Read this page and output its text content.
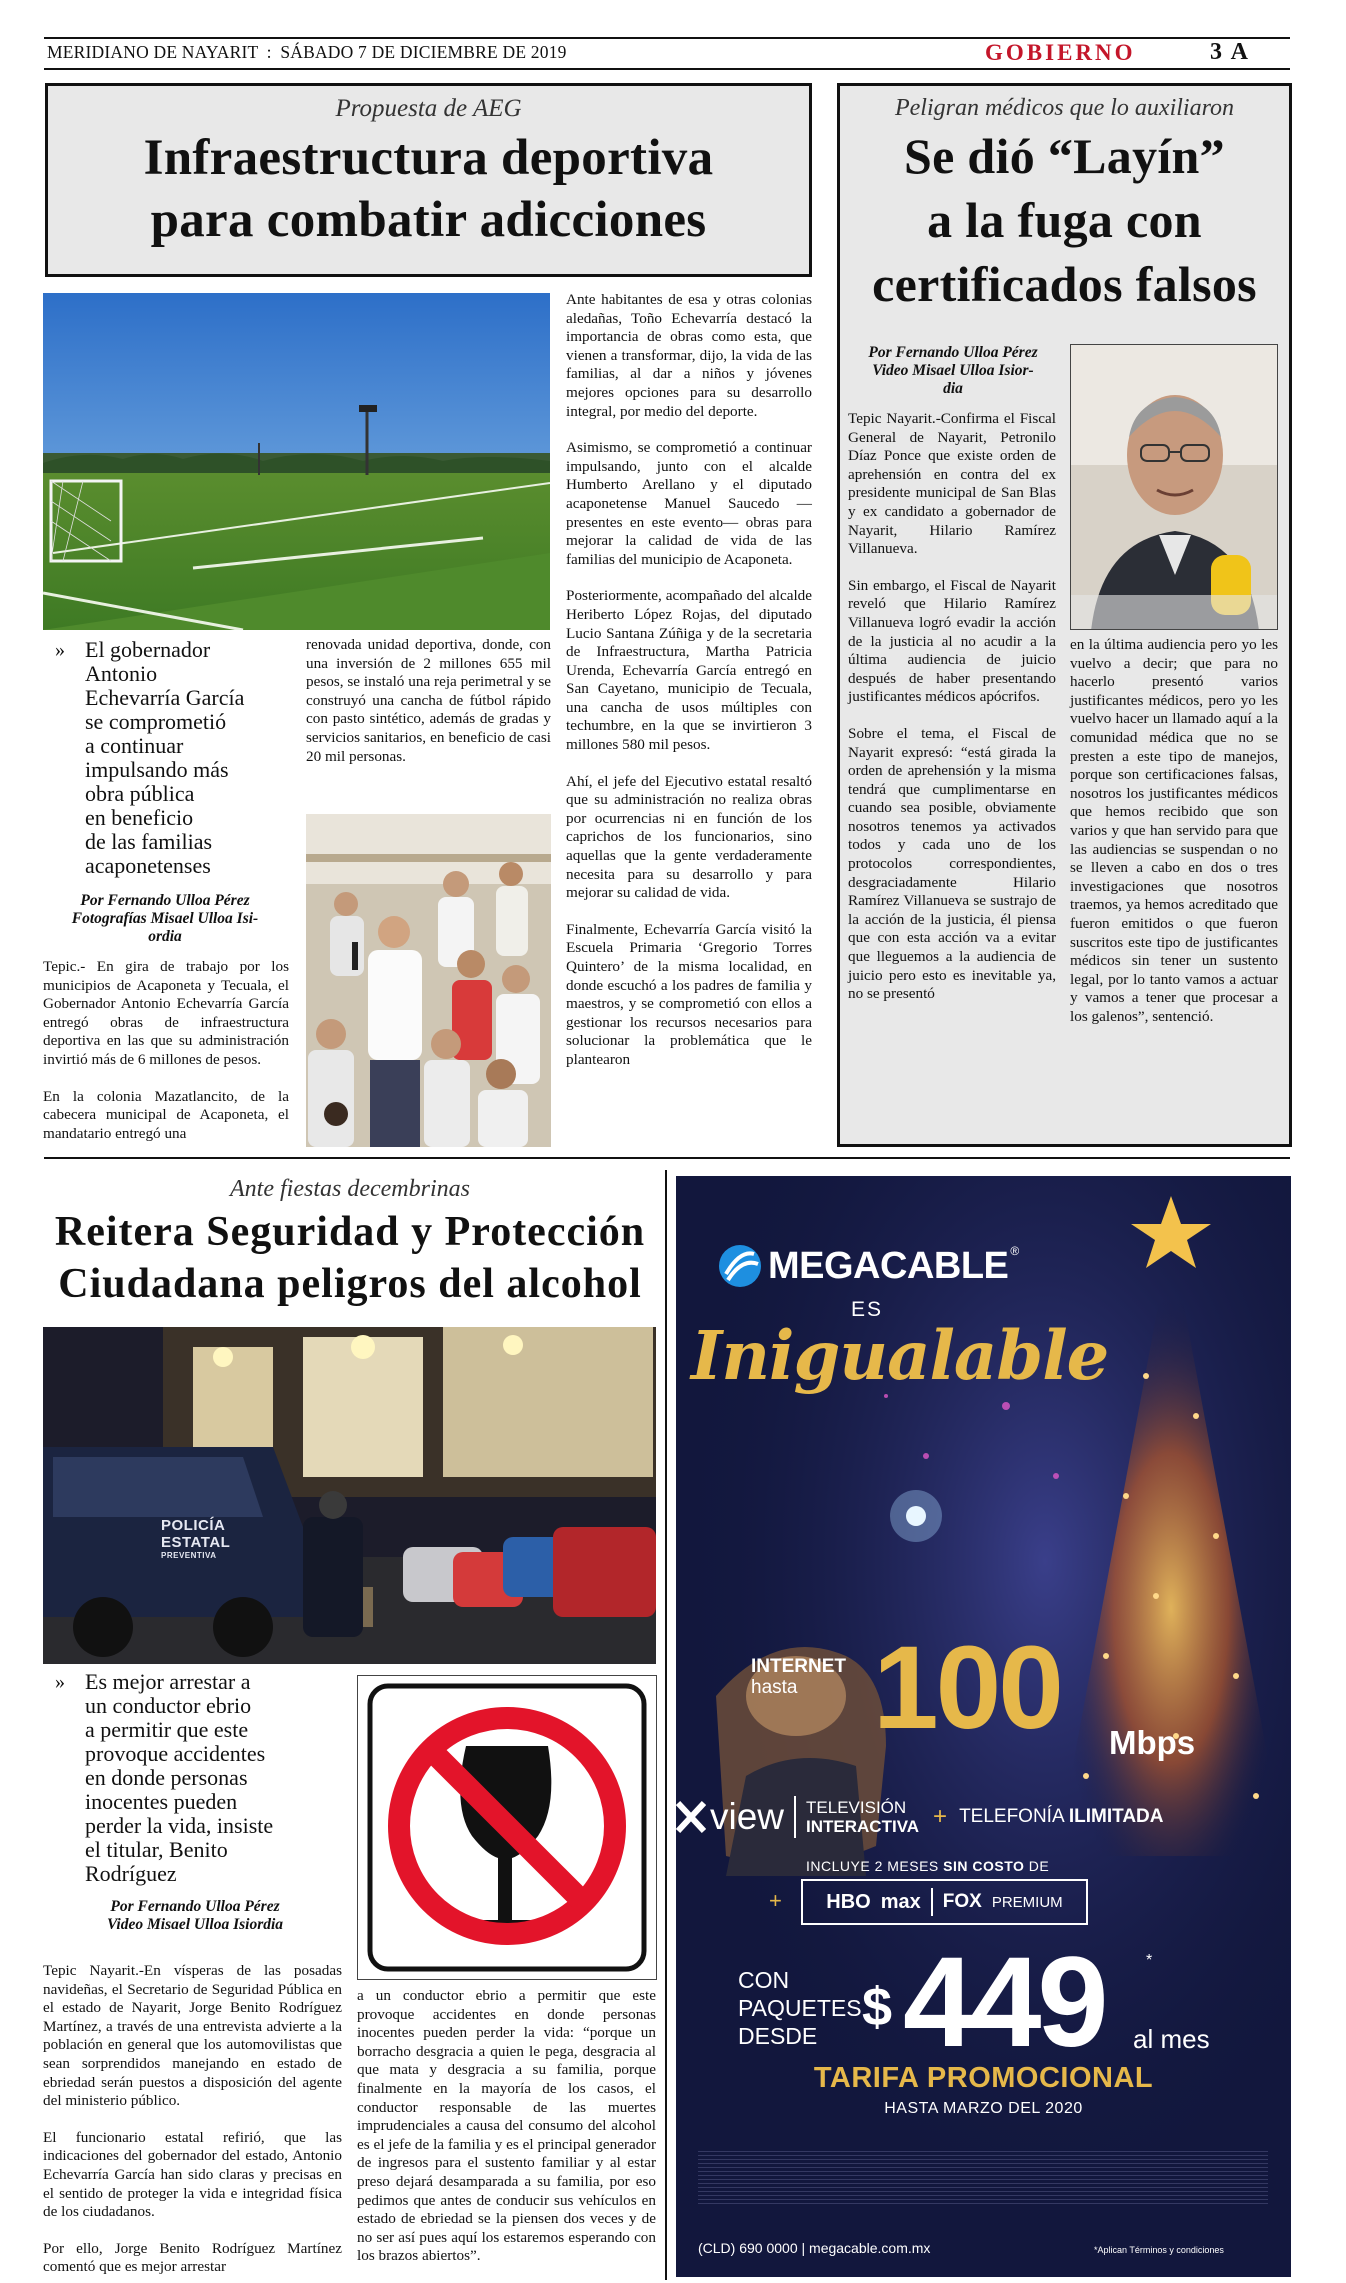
MERIDIANO DE NAYARIT : SÁBADO 7 DE DICIEMBRE DE 2019	GOBIERNO	3 A
Propuesta de AEG
Infraestructura deportiva
para combatir adicciones
» El gobernador
Antonio
Echevarría García
se comprometió
a continuar
impulsando más
obra pública
en beneficio
de las familias
acaponetenses
Por Fernando Ulloa Pérez
Fotografías Misael Ulloa Isi-
ordia

Tepic.- En gira de trabajo por los municipios de Acaponeta y Tecuala, el Gobernador Antonio Echevarría García entregó obras de infraestructura deportiva en las que su administración invirtió más de 6 millones de pesos.

En la colonia Mazatlancito, de la cabecera municipal de Acaponeta, el mandatario entregó una

renovada unidad deportiva, donde, con una inversión de 2 millones 655 mil pesos, se instaló una reja perimetral y se construyó una cancha de fútbol rápido con pasto sintético, además de gradas y servicios sanitarios, en beneficio de casi 20 mil personas.

Ante habitantes de esa y otras colonias aledañas, Toño Echevarría destacó la importancia de obras como esta, que vienen a transformar, dijo, la vida de las familias, al dar a niños y jóvenes mejores opciones para su desarrollo integral, por medio del deporte.

Asimismo, se comprometió a continuar impulsando, junto con el alcalde Humberto Arellano y el diputado acaponetense Manuel Saucedo —presentes en este evento— obras para mejorar la calidad de vida de las familias del municipio de Acaponeta.

Posteriormente, acompañado del alcalde Heriberto López Rojas, del diputado Lucio Santana Zúñiga y de la secretaria de Infraestructura, Martha Patricia Urenda, Echevarría García entregó en San Cayetano, municipio de Tecuala, una cancha de usos múltiples con techumbre, en la que se invirtieron 3 millones 580 mil pesos.

Ahí, el jefe del Ejecutivo estatal resaltó que su administración no realiza obras por ocurrencias ni en función de los caprichos de los funcionarios, sino aquellas que la gente verdaderamente necesita para su desarrollo y para mejorar su calidad de vida.

Finalmente, Echevarría García visitó la Escuela Primaria ‘Gregorio Torres Quintero’ de la misma localidad, en donde escuchó a los padres de familia y maestros, y se comprometió con ellos a gestionar los recursos necesarios para solucionar la problemática que le plantearon

Peligran médicos que lo auxiliaron
Se dió “Layín”
a la fuga con
certificados falsos
Por Fernando Ulloa Pérez
Video Misael Ulloa Isior-
dia

Tepic Nayarit.-Confirma el Fiscal General de Nayarit, Petronilo Díaz Ponce que existe orden de aprehensión en contra del ex presidente municipal de San Blas y ex candidato a gobernador de Nayarit, Hilario Ramírez Villanueva.

Sin embargo, el Fiscal de Nayarit reveló que Hilario Ramírez Villanueva logró evadir la acción de la justicia al no acudir a la última audiencia de juicio después de haber presentando justificantes médicos apócrifos.

Sobre el tema, el Fiscal de Nayarit expresó: “está girada la orden de aprehensión y la misma tendrá que cumplimentarse en cuando sea posible, obviamente nosotros tenemos ya activados todos y cada uno de los protocolos correspondientes, desgraciadamente Hilario Ramírez Villanueva se sustrajo de la acción de la justicia, él piensa que con esta acción va a evitar que lleguemos a la audiencia de juicio pero esto es inevitable ya, no se presentó

en la última audiencia pero yo les vuelvo a decir; que para no hacerlo presentó varios justificantes médicos, pero yo les vuelvo hacer un llamado aquí a la comunidad médica que no se presten a este tipo de manejos, porque son certificaciones falsas, nosotros los justificantes médicos que hemos recibido que son varios y que han servido para que las audiencias se suspendan o no se lleven a cabo en dos o tres investigaciones que nosotros traemos, ya hemos acreditado que fueron emitidos o que fueron suscritos este tipo de justificantes médicos sin tener un sustento legal, por lo tanto vamos a actuar y vamos a tener que procesar a los galenos”, sentenció.

Ante fiestas decembrinas
Reitera Seguridad y Protección
Ciudadana peligros del alcohol
POLICÍA
ESTATAL
PREVENTIVA
» Es mejor arrestar a
un conductor ebrio
a permitir que este
provoque accidentes
en donde personas
inocentes pueden
perder la vida, insiste
el titular, Benito
Rodríguez
Por Fernando Ulloa Pérez
Video Misael Ulloa Isiordia

Tepic Nayarit.-En vísperas de las posadas navideñas, el Secretario de Seguridad Pública en el estado de Nayarit, Jorge Benito Rodríguez Martínez, a través de una entrevista advierte a la población en general que los automovilistas que sean sorprendidos manejando en estado de ebriedad serán puestos a disposición del agente del ministerio público.

El funcionario estatal refirió, que las indicaciones del gobernador del estado, Antonio Echevarría García han sido claras y precisas en el sentido de proteger la vida e integridad física de los ciudadanos.

Por ello, Jorge Benito Rodríguez Martínez comentó que es mejor arrestar

a un conductor ebrio a permitir que este provoque accidentes en donde personas inocentes pueden perder la vida: “porque un borracho desgracia a quien le pega, desgracia al que mata y desgracia a su familia, porque finalmente en la mayoría de los casos, el conductor responsable de las muertes imprudenciales a causa del consumo del alcohol es el jefe de la familia y es el principal generador de ingresos para el sustento familiar y al estar preso dejará desamparada a su familia, por eso pedimos que antes de conducir sus vehículos en estado de ebriedad se la piensen dos veces y de no ser así pues aquí los estaremos esperando con los brazos abiertos”.

MEGACABLE ®
ES
Inigualable
INTERNET
hasta 100 Mbps
view TELEVISIÓN
INTERACTIVA + TELEFONÍA ILIMITADA
INCLUYE 2 MESES SIN COSTO DE
HBO max FOX PREMIUM
+
CON
PAQUETES
DESDE $ 449	*
al mes
TARIFA PROMOCIONAL
HASTA MARZO DEL 2020
(CLD) 690 0000 | megacable.com.mx	*Aplican Términos y condiciones
